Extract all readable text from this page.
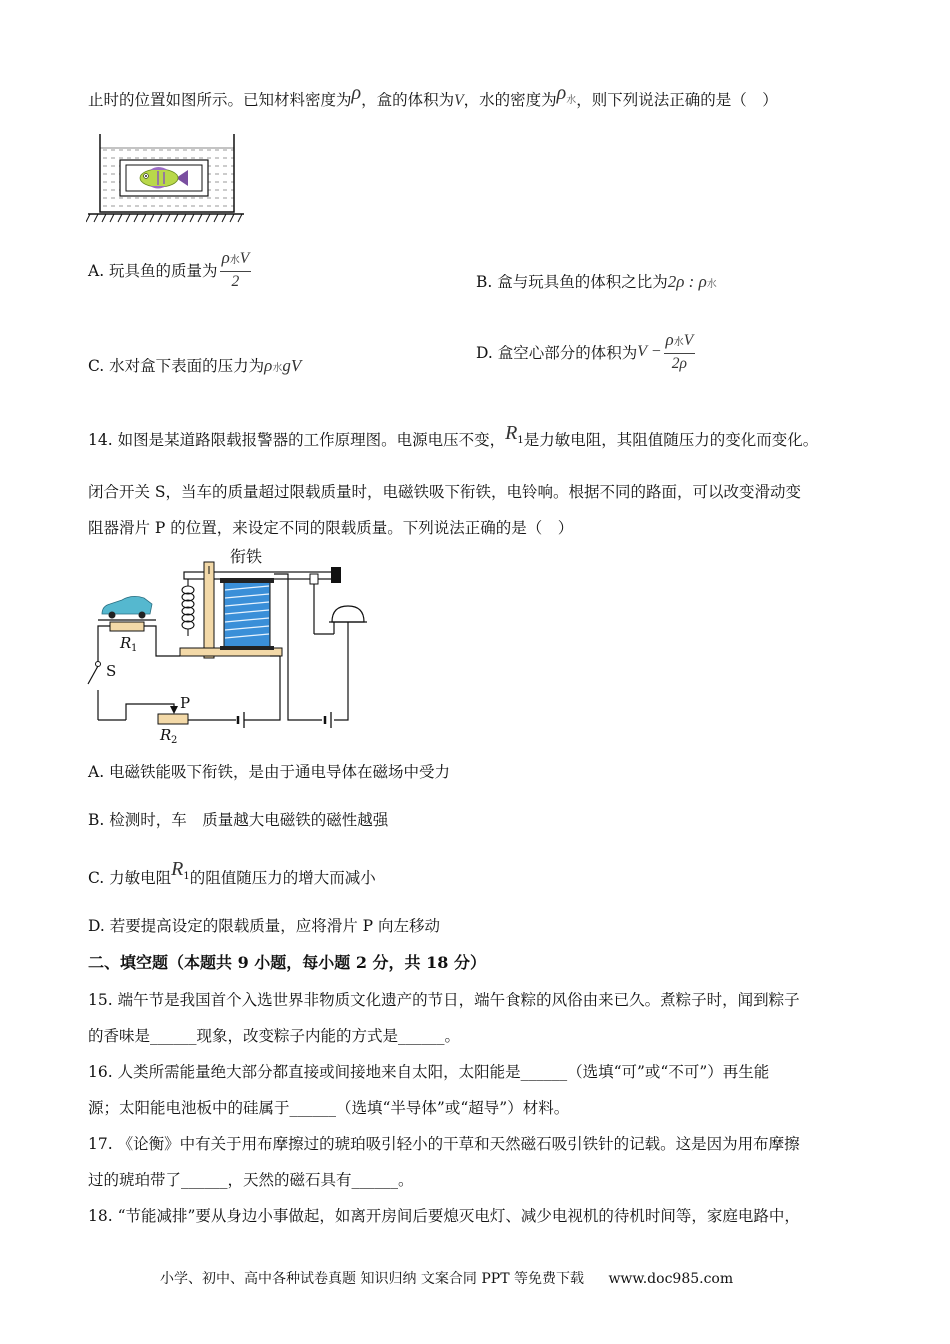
止时的位置如图所示。已知材料密度为ρ，盒的体积为V，水的密度为ρ水，则下列说法正确的是（　）
A. 玩具鱼的质量为 $\frac{\text{ρ水V}}{2}$	B. 盒与玩具鱼的体积之比为2ρ : ρ水
C. 水对盒下表面的压力为ρ水gV
D. 盒空心部分的体积为$V - \frac{\text{ρ水V}}{2\rho}$
14. 如图是某道路限载报警器的工作原理图。电源电压不变，R1是力敏电阻，其阻值随压力的变化而变化。
闭合开关 S，当车的质量超过限载质量时，电磁铁吸下衔铁，电铃响。根据不同的路面，可以改变滑动变
阻器滑片 P 的位置，来设定不同的限载质量。下列说法正确的是（　）
衔铁
R 1
S
P
R 2
A. 电磁铁能吸下衔铁，是由于通电导体在磁场中受力
B. 检测时，车　质量越大电磁铁的磁性越强
C. 力敏电阻$R^1$的阻值随压力的增大而减小
D. 若要提高设定的限载质量，应将滑片 P 向左移动
二、填空题（本题共 9 小题，每小题 2 分，共 18 分）
15. 端午节是我国首个入选世界非物质文化遗产的节日，端午食粽的风俗由来已久。煮粽子时，闻到粽子
的香味是______现象，改变粽子内能的方式是______。
16. 人类所需能量绝大部分都直接或间接地来自太阳，太阳能是______（选填“可”或“不可”）再生能
源；太阳能电池板中的硅属于______（选填“半导体”或“超导”）材料。
17. 《论衡》中有关于用布摩擦过的琥珀吸引轻小的干草和天然磁石吸引铁针的记载。这是因为用布摩擦
过的琥珀带了______，天然的磁石具有______。
18. “节能减排”要从身边小事做起，如离开房间后要熄灭电灯、减少电视机的待机时间等，家庭电路中，
小学、初中、高中各种试卷真题 知识归纳 文案合同 PPT 等免费下载 www.doc985.com
